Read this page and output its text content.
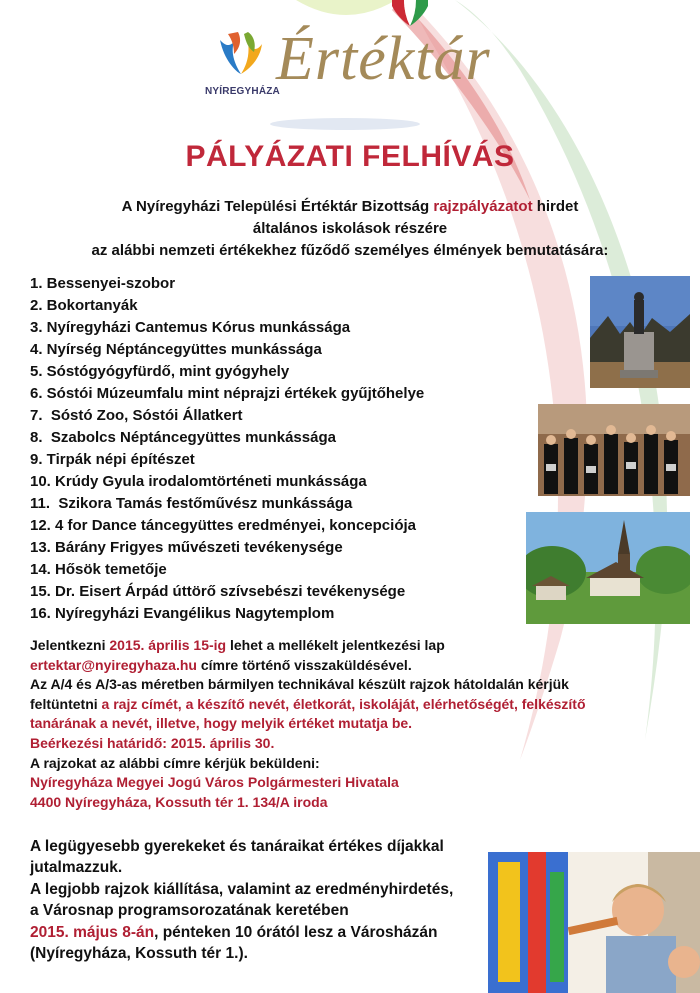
NYÍREGYHÁZA
Értéktár
PÁLYÁZATI FELHÍVÁS
A Nyíregyházi Települési Értéktár Bizottság rajzpályázatot hirdet
általános iskolások részére
az alábbi nemzeti értékekhez fűződő személyes élmények bemutatására:
1. Bessenyei-szobor
2. Bokortanyák
3. Nyíregyházi Cantemus Kórus munkássága
4. Nyírség Néptáncegyüttes munkássága
5. Sóstógyógyfürdő, mint gyógyhely
6. Sóstói Múzeumfalu mint néprajzi értékek gyűjtőhelye
7.  Sóstó Zoo, Sóstói Állatkert
8.  Szabolcs Néptáncegyüttes munkássága
9. Tirpák népi építészet
10. Krúdy Gyula irodalomtörténeti munkássága
11.  Szikora Tamás festőművész munkássága
12. 4 for Dance táncegyüttes eredményei, koncepciója
13. Bárány Frigyes művészeti tevékenysége
14. Hősök temetője
15. Dr. Eisert Árpád úttörő szívsebészi tevékenysége
16. Nyíregyházi Evangélikus Nagytemplom
Jelentkezni 2015. április 15-ig lehet a mellékelt jelentkezési lap
ertektar@nyiregyhaza.hu címre történő visszaküldésével.
Az A/4 és A/3-as méretben bármilyen technikával készült rajzok hátoldalán kérjük
feltüntetni a rajz címét, a készítő nevét, életkorát, iskoláját, elérhetőségét, felkészítő
tanárának a nevét, illetve, hogy melyik értéket mutatja be.
Beérkezési határidő: 2015. április 30.
A rajzokat az alábbi címre kérjük beküldeni:
Nyíregyháza Megyei Jogú Város Polgármesteri Hivatala
4400 Nyíregyháza, Kossuth tér 1. 134/A iroda
A legügyesebb gyerekeket és tanáraikat értékes díjakkal
jutalmazzuk.
A legjobb rajzok kiállítása, valamint az eredményhirdetés,
a Városnap programsorozatának keretében
2015. május 8-án, pénteken 10 órától lesz a Városházán
(Nyíregyháza, Kossuth tér 1.).
